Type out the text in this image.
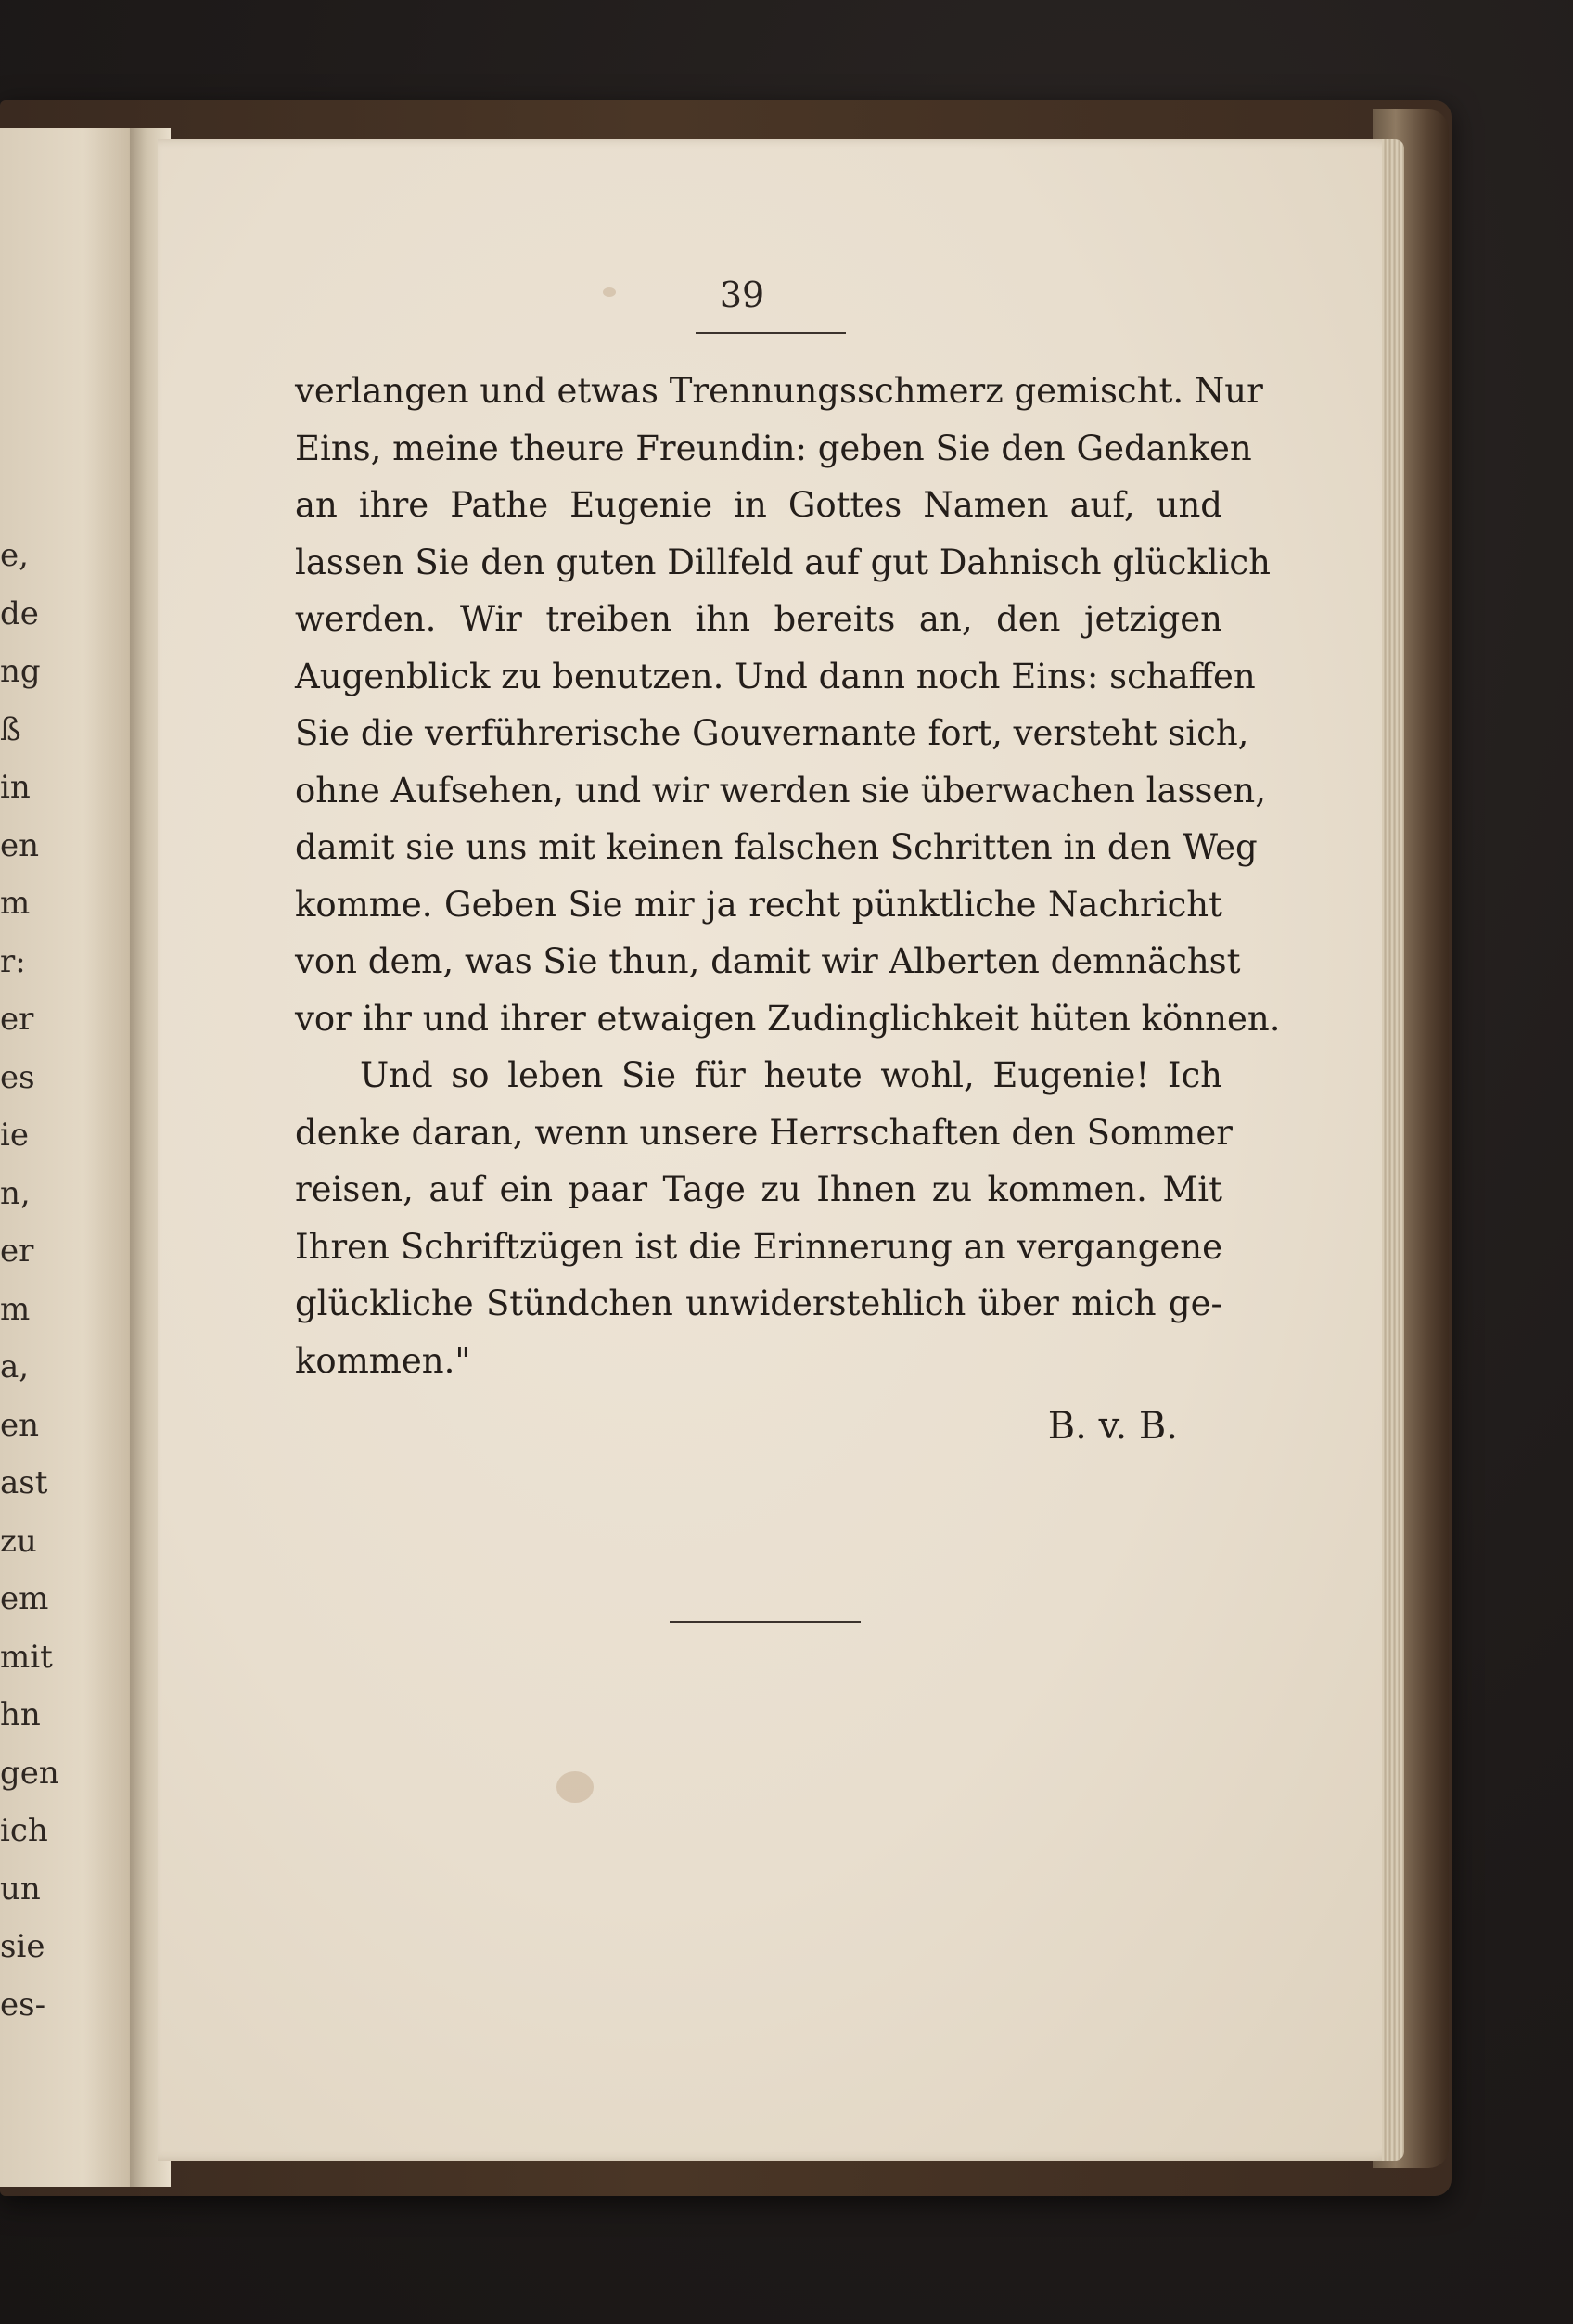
e,
de
ng
ß
in
en
m
r:
er
es
ie
n,
er
m
a,
en
ast
zu
em
mit
hn
gen
ich
un
sie
es-
39
verlangen und etwas Trennungsschmerz gemischt. Nur
Eins, meine theure Freundin: geben Sie den Gedanken
an ihre Pathe Eugenie in Gottes Namen auf, und
lassen Sie den guten Dillfeld auf gut Dahnisch glücklich
werden. Wir treiben ihn bereits an, den jetzigen
Augenblick zu benutzen. Und dann noch Eins: schaffen
Sie die verführerische Gouvernante fort, versteht sich,
ohne Aufsehen, und wir werden sie überwachen lassen,
damit sie uns mit keinen falschen Schritten in den Weg
komme. Geben Sie mir ja recht pünktliche Nachricht
von dem, was Sie thun, damit wir Alberten demnächst
vor ihr und ihrer etwaigen Zudinglichkeit hüten können.
Und so leben Sie für heute wohl, Eugenie! Ich
denke daran, wenn unsere Herrschaften den Sommer
reisen, auf ein paar Tage zu Ihnen zu kommen. Mit
Ihren Schriftzügen ist die Erinnerung an vergangene
glückliche Stündchen unwiderstehlich über mich ge-
kommen."
B. v. B.
